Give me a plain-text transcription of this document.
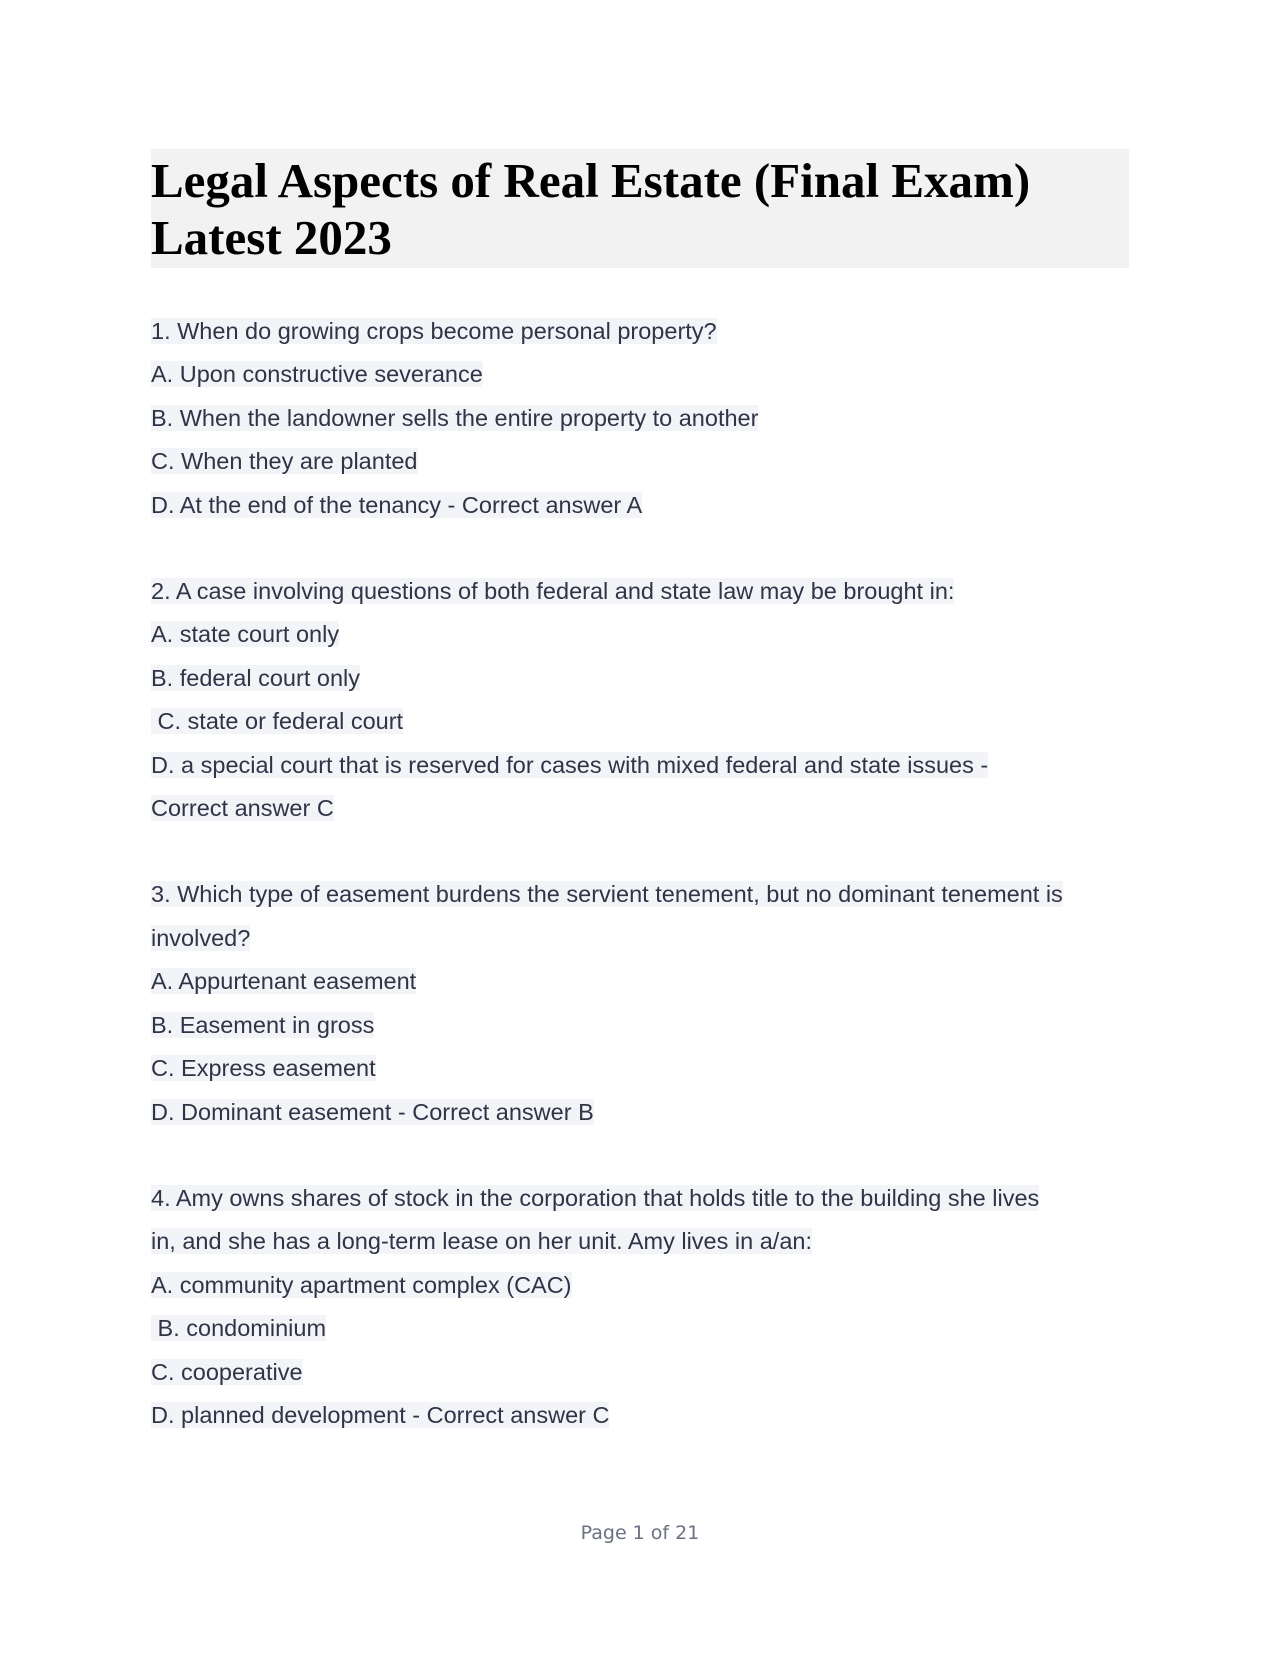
Legal Aspects of Real Estate (Final Exam)
Latest 2023
1. When do growing crops become personal property?
A. Upon constructive severance
B. When the landowner sells the entire property to another
C. When they are planted
D. At the end of the tenancy - Correct answer A
2. A case involving questions of both federal and state law may be brought in:
A. state court only
B. federal court only
C. state or federal court
D. a special court that is reserved for cases with mixed federal and state issues -
Correct answer C
3. Which type of easement burdens the servient tenement, but no dominant tenement is
involved?
A. Appurtenant easement
B. Easement in gross
C. Express easement
D. Dominant easement - Correct answer B
4. Amy owns shares of stock in the corporation that holds title to the building she lives
in, and she has a long-term lease on her unit. Amy lives in a/an:
A. community apartment complex (CAC)
B. condominium
C. cooperative
D. planned development - Correct answer C
Page 1 of 21
